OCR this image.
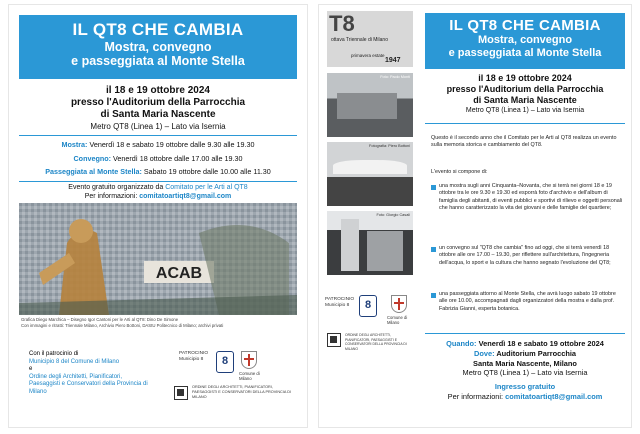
IL QT8 CHE CAMBIA
Mostra, convegno
e passeggiata al Monte Stella
il 18 e 19 ottobre 2024
presso l'Auditorium della Parrocchia
di Santa Maria Nascente
Metro QT8 (Linea 1) – Lato via Isernia
Mostra: Venerdì 18 e sabato 19 ottobre dalle 9.30 alle 19.30
Convegno: Venerdì 18 ottobre dalle 17.00 alle 19.30
Passeggiata al Monte Stella: Sabato 19 ottobre dalle 10.00 alle 11.30
Evento gratuito organizzato da Comitato per le Arti al QT8
Per informazioni: comitatoartiqt8@gmail.com
ACAB
Grafica Diego Marchica – Disegno Igor Cantoni per le Arti al QT8: Dino De Simone
Con immagini e ritratti: Triennale Milano, Archivio Piero Bottoni, DAStU Politecnico di Milano; archivi privati
Con il patrocinio di
Municipio 8 del Comune di Milano
e
Ordine degli Architetti, Pianificatori, Paesaggisti e Conservatori della Provincia di Milano
PATROCINIO Municipio 8	8
Comune di Milano
ORDINE DEGLI ARCHITETTI, PIANIFICATORI, PAESAGGISTI E CONSERVATORI DELLA PROVINCIA DI MILANO
T8
ottava Triennale di Milano
primavera estate
1947
Foto: Paolo Monti
Fotografia: Piero Bottoni
Foto: Giorgio Casali
PATROCINIO Municipio 8	8
Comune di Milano
ORDINE DEGLI ARCHITETTI, PIANIFICATORI, PAESAGGISTI E CONSERVATORI DELLA PROVINCIA DI MILANO
IL QT8 CHE CAMBIA
Mostra, convegno
e passeggiata al Monte Stella
il 18 e 19 ottobre 2024
presso l'Auditorium della Parrocchia
di Santa Maria Nascente
Metro QT8 (Linea 1) – Lato via Isernia
Questo è il secondo anno che il Comitato per le Arti al QT8 realizza un evento sulla memoria storica e cambiamento del QT8.
L'evento si compone di:
una mostra sugli anni Cinquanta–Novanta, che si terrà nei giorni 18 e 19 ottobre tra le ore 9.30 e 19.30 ed esporrà foto d'archivio e dell'album di famiglia degli abitanti, di eventi pubblici e sportivi di rilievo e oggetti personali che hanno caratterizzato la vita dei giovani e delle famiglie del quartiere;
un convegno sul "QT8 che cambia" fino ad oggi, che si terrà venerdì 18 ottobre alle ore 17.00 – 19.30, per riflettere sull'architettura, l'ingegneria dell'acqua, lo sport e la cultura che hanno segnato l'evoluzione del QT8;
una passeggiata attorno al Monte Stella, che avrà luogo sabato 19 ottobre alle ore 10.00, accompagnati dagli organizzatori della mostra e dalla prof. Fabrizia Gianni, esperta botanica.
Quando: Venerdì 18 e sabato 19 ottobre 2024
Dove: Auditorium Parrocchia
Santa Maria Nascente, Milano
Metro QT8 (Linea 1) – Lato via Isernia
Ingresso gratuito
Per informazioni: comitatoartiqt8@gmail.com
